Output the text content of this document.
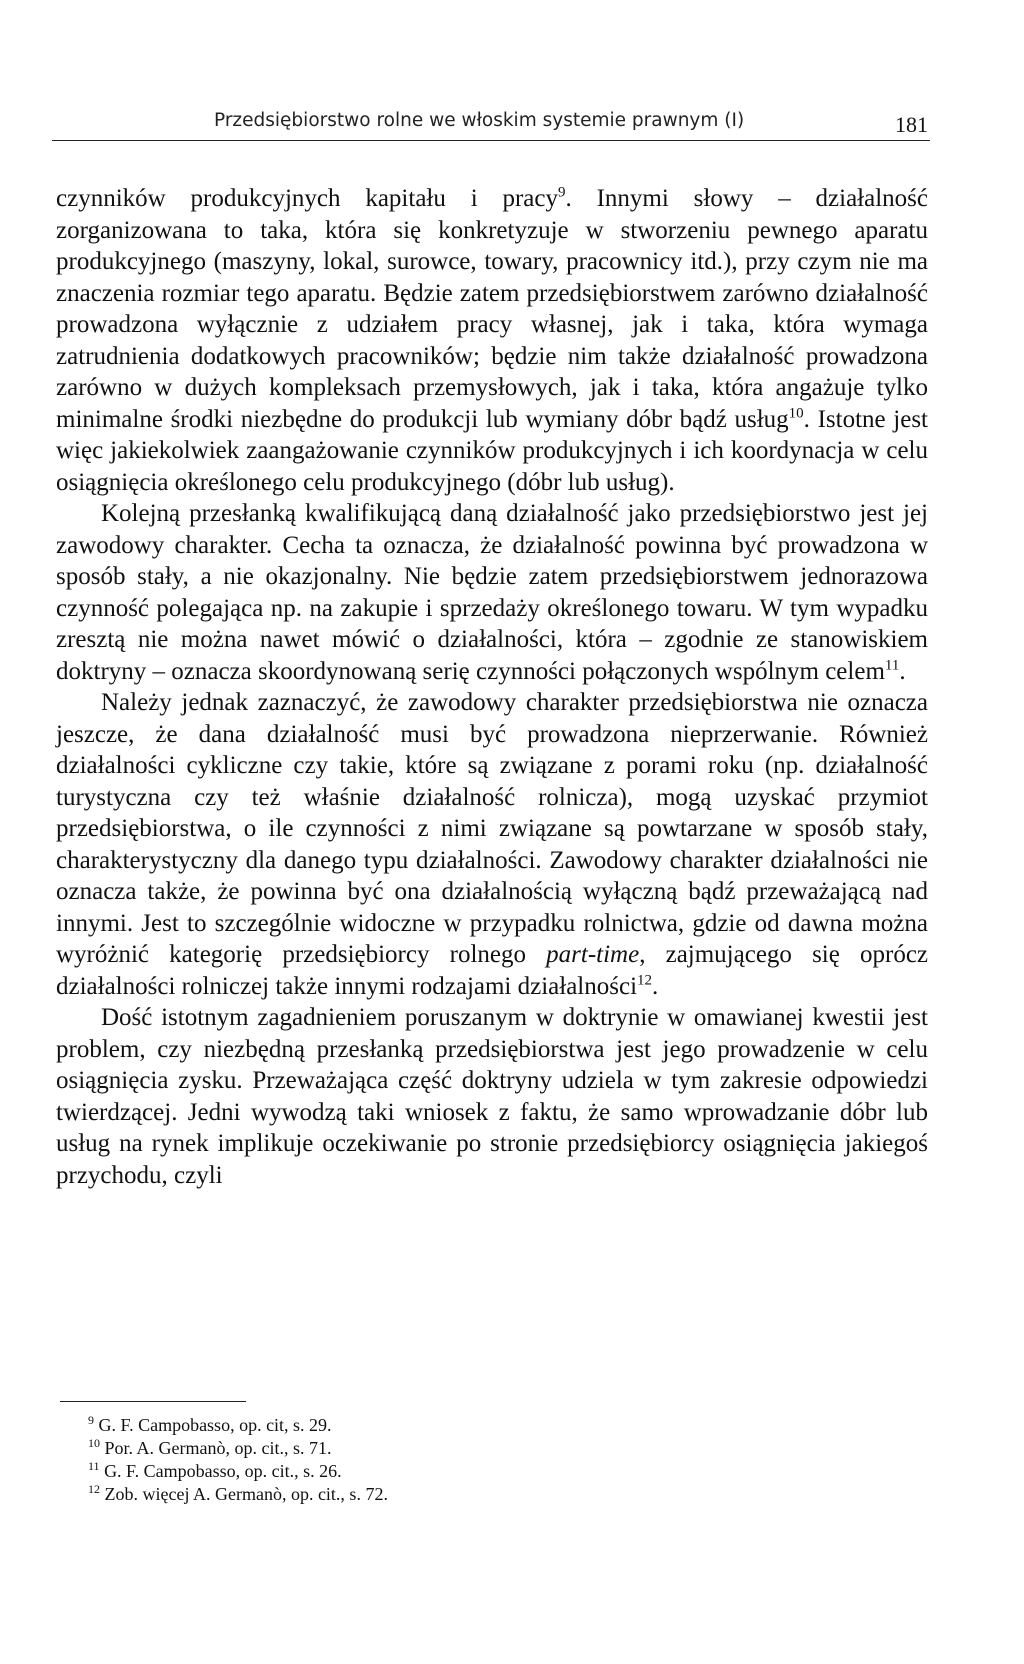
Przedsiębiorstwo rolne we włoskim systemie prawnym (I)	181

czynników produkcyjnych kapitału i pracy$^9$. Innymi słowy – działalność zorganizowana to taka, która się konkretyzuje w stworzeniu pewnego aparatu produkcyjnego (maszyny, lokal, surowce, towary, pracownicy itd.), przy czym nie ma znaczenia rozmiar tego aparatu. Będzie zatem przedsiębiorstwem zarówno działalność prowadzona wyłącznie z udziałem pracy własnej, jak i taka, która wymaga zatrudnienia dodatkowych pracowników; będzie nim także działalność prowadzona zarówno w dużych kompleksach przemysłowych, jak i taka, która angażuje tylko minimalne środki niezbędne do produkcji lub wymiany dóbr bądź usług$^{10}$. Istotne jest więc jakiekolwiek zaangażowanie czynników produkcyjnych i ich koordynacja w celu osiągnięcia określonego celu produkcyjnego (dóbr lub usług).

Kolejną przesłanką kwalifikującą daną działalność jako przedsiębiorstwo jest jej zawodowy charakter. Cecha ta oznacza, że działalność powinna być prowadzona w sposób stały, a nie okazjonalny. Nie będzie zatem przedsiębiorstwem jednorazowa czynność polegająca np. na zakupie i sprzedaży określonego towaru. W tym wypadku zresztą nie można nawet mówić o działalności, która – zgodnie ze stanowiskiem doktryny – oznacza skoordynowaną serię czynności połączonych wspólnym celem$^{11}$.

Należy jednak zaznaczyć, że zawodowy charakter przedsiębiorstwa nie oznacza jeszcze, że dana działalność musi być prowadzona nieprzerwanie. Również działalności cykliczne czy takie, które są związane z porami roku (np. działalność turystyczna czy też właśnie działalność rolnicza), mogą uzyskać przymiot przedsiębiorstwa, o ile czynności z nimi związane są powtarzane w sposób stały, charakterystyczny dla danego typu działalności. Zawodowy charakter działalności nie oznacza także, że powinna być ona działalnością wyłączną bądź przeważającą nad innymi. Jest to szczególnie widoczne w przypadku rolnictwa, gdzie od dawna można wyróżnić kategorię przedsiębiorcy rolnego part-time, zajmującego się oprócz działalności rolniczej także innymi rodzajami działalności$^{12}$.

Dość istotnym zagadnieniem poruszanym w doktrynie w omawianej kwestii jest problem, czy niezbędną przesłanką przedsiębiorstwa jest jego prowadzenie w celu osiągnięcia zysku. Przeważająca część doktryny udziela w tym zakresie odpowiedzi twierdzącej. Jedni wywodzą taki wniosek z faktu, że samo wprowadzanie dóbr lub usług na rynek implikuje oczekiwanie po stronie przedsiębiorcy osiągnięcia jakiegoś przychodu, czyli

$^9$ G. F. Campobasso, op. cit, s. 29.
$^{10}$ Por. A. Germanò, op. cit., s. 71.
$^{11}$ G. F. Campobasso, op. cit., s. 26.
$^{12}$ Zob. więcej A. Germanò, op. cit., s. 72.
